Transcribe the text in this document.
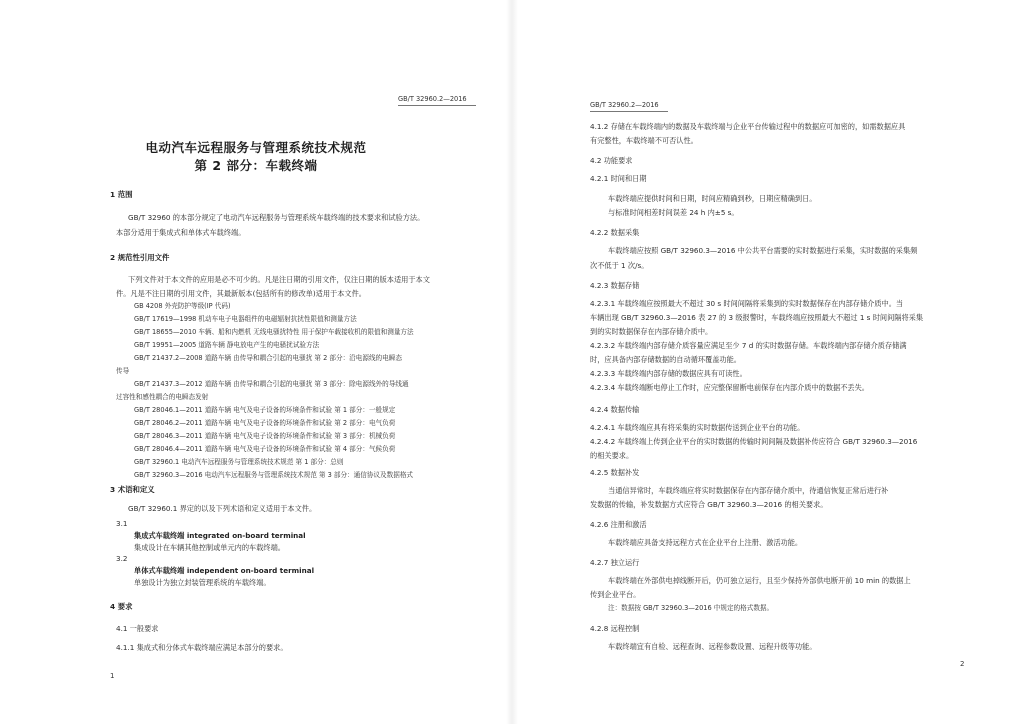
GB/T 32960.2—2016
电动汽车远程服务与管理系统技术规范
第 2 部分：车载终端
1 范围
GB/T 32960 的本部分规定了电动汽车远程服务与管理系统车载终端的技术要求和试验方法。
本部分适用于集成式和单体式车载终端。
2 规范性引用文件
下列文件对于本文件的应用是必不可少的。凡是注日期的引用文件，仅注日期的版本适用于本文
件。凡是不注日期的引用文件，其最新版本(包括所有的修改单)适用于本文件。
GB 4208 外壳防护等级(IP 代码)
GB/T 17619—1998 机动车电子电器组件的电磁辐射抗扰性限值和测量方法
GB/T 18655—2010 车辆、船和内燃机 无线电骚扰特性 用于保护车载接收机的限值和测量方法
GB/T 19951—2005 道路车辆 静电放电产生的电骚扰试验方法
GB/T 21437.2—2008 道路车辆 由传导和耦合引起的电骚扰 第 2 部分：沿电源线的电瞬态
传导
GB/T 21437.3—2012 道路车辆 由传导和耦合引起的电骚扰 第 3 部分：除电源线外的导线通
过容性和感性耦合的电瞬态发射
GB/T 28046.1—2011 道路车辆 电气及电子设备的环境条件和试验 第 1 部分：一般规定
GB/T 28046.2—2011 道路车辆 电气及电子设备的环境条件和试验 第 2 部分：电气负荷
GB/T 28046.3—2011 道路车辆 电气及电子设备的环境条件和试验 第 3 部分：机械负荷
GB/T 28046.4—2011 道路车辆 电气及电子设备的环境条件和试验 第 4 部分：气候负荷
GB/T 32960.1 电动汽车远程服务与管理系统技术规范 第 1 部分：总则
GB/T 32960.3—2016 电动汽车远程服务与管理系统技术规范 第 3 部分：通信协议及数据格式
3 术语和定义
GB/T 32960.1 界定的以及下列术语和定义适用于本文件。
3.1
集成式车载终端 integrated on-board terminal
集成设计在车辆其他控制或单元内的车载终端。
3.2
单体式车载终端 independent on-board terminal
单独设计为独立封装管理系统的车载终端。
4 要求
4.1 一般要求
4.1.1 集成式和分体式车载终端应满足本部分的要求。
1
GB/T 32960.2—2016
4.1.2 存储在车载终端内的数据及车载终端与企业平台传输过程中的数据应可加密的，如需数据应具
有完整性，车载终端不可否认性。
4.2 功能要求
4.2.1 时间和日期
车载终端应提供时间和日期，时间应精确到秒，日期应精确到日。
与标准时间相差时间误差 24 h 内±5 s。
4.2.2 数据采集
车载终端应按照 GB/T 32960.3—2016 中公共平台需要的实时数据进行采集，实时数据的采集频
次不低于 1 次/s。
4.2.3 数据存储
4.2.3.1 车载终端应按照最大不超过 30 s 时间间隔将采集到的实时数据保存在内部存储介质中。当
车辆出现 GB/T 32960.3—2016 表 27 的 3 级报警时，车载终端应按照最大不超过 1 s 时间间隔将采集
到的实时数据保存在内部存储介质中。
4.2.3.2 车载终端内部存储介质容量应满足至少 7 d 的实时数据存储。车载终端内部存储介质存储满
时，应具备内部存储数据的自动循环覆盖功能。
4.2.3.3 车载终端内部存储的数据应具有可读性。
4.2.3.4 车载终端断电停止工作时，应完整保留断电前保存在内部介质中的数据不丢失。
4.2.4 数据传输
4.2.4.1 车载终端应具有将采集的实时数据传送到企业平台的功能。
4.2.4.2 车载终端上传到企业平台的实时数据的传输时间间隔及数据补传应符合 GB/T 32960.3—2016
的相关要求。
4.2.5 数据补发
当通信异常时，车载终端应将实时数据保存在内部存储介质中，待通信恢复正常后进行补
发数据的传输，补发数据方式应符合 GB/T 32960.3—2016 的相关要求。
4.2.6 注册和激活
车载终端应具备支持远程方式在企业平台上注册、激活功能。
4.2.7 独立运行
车载终端在外部供电掉线断开后，仍可独立运行，且至少保持外部供电断开前 10 min 的数据上
传到企业平台。
注：数据按 GB/T 32960.3—2016 中规定的格式数据。
4.2.8 远程控制
车载终端宜有自检、远程查询、远程参数设置、远程升级等功能。
2
